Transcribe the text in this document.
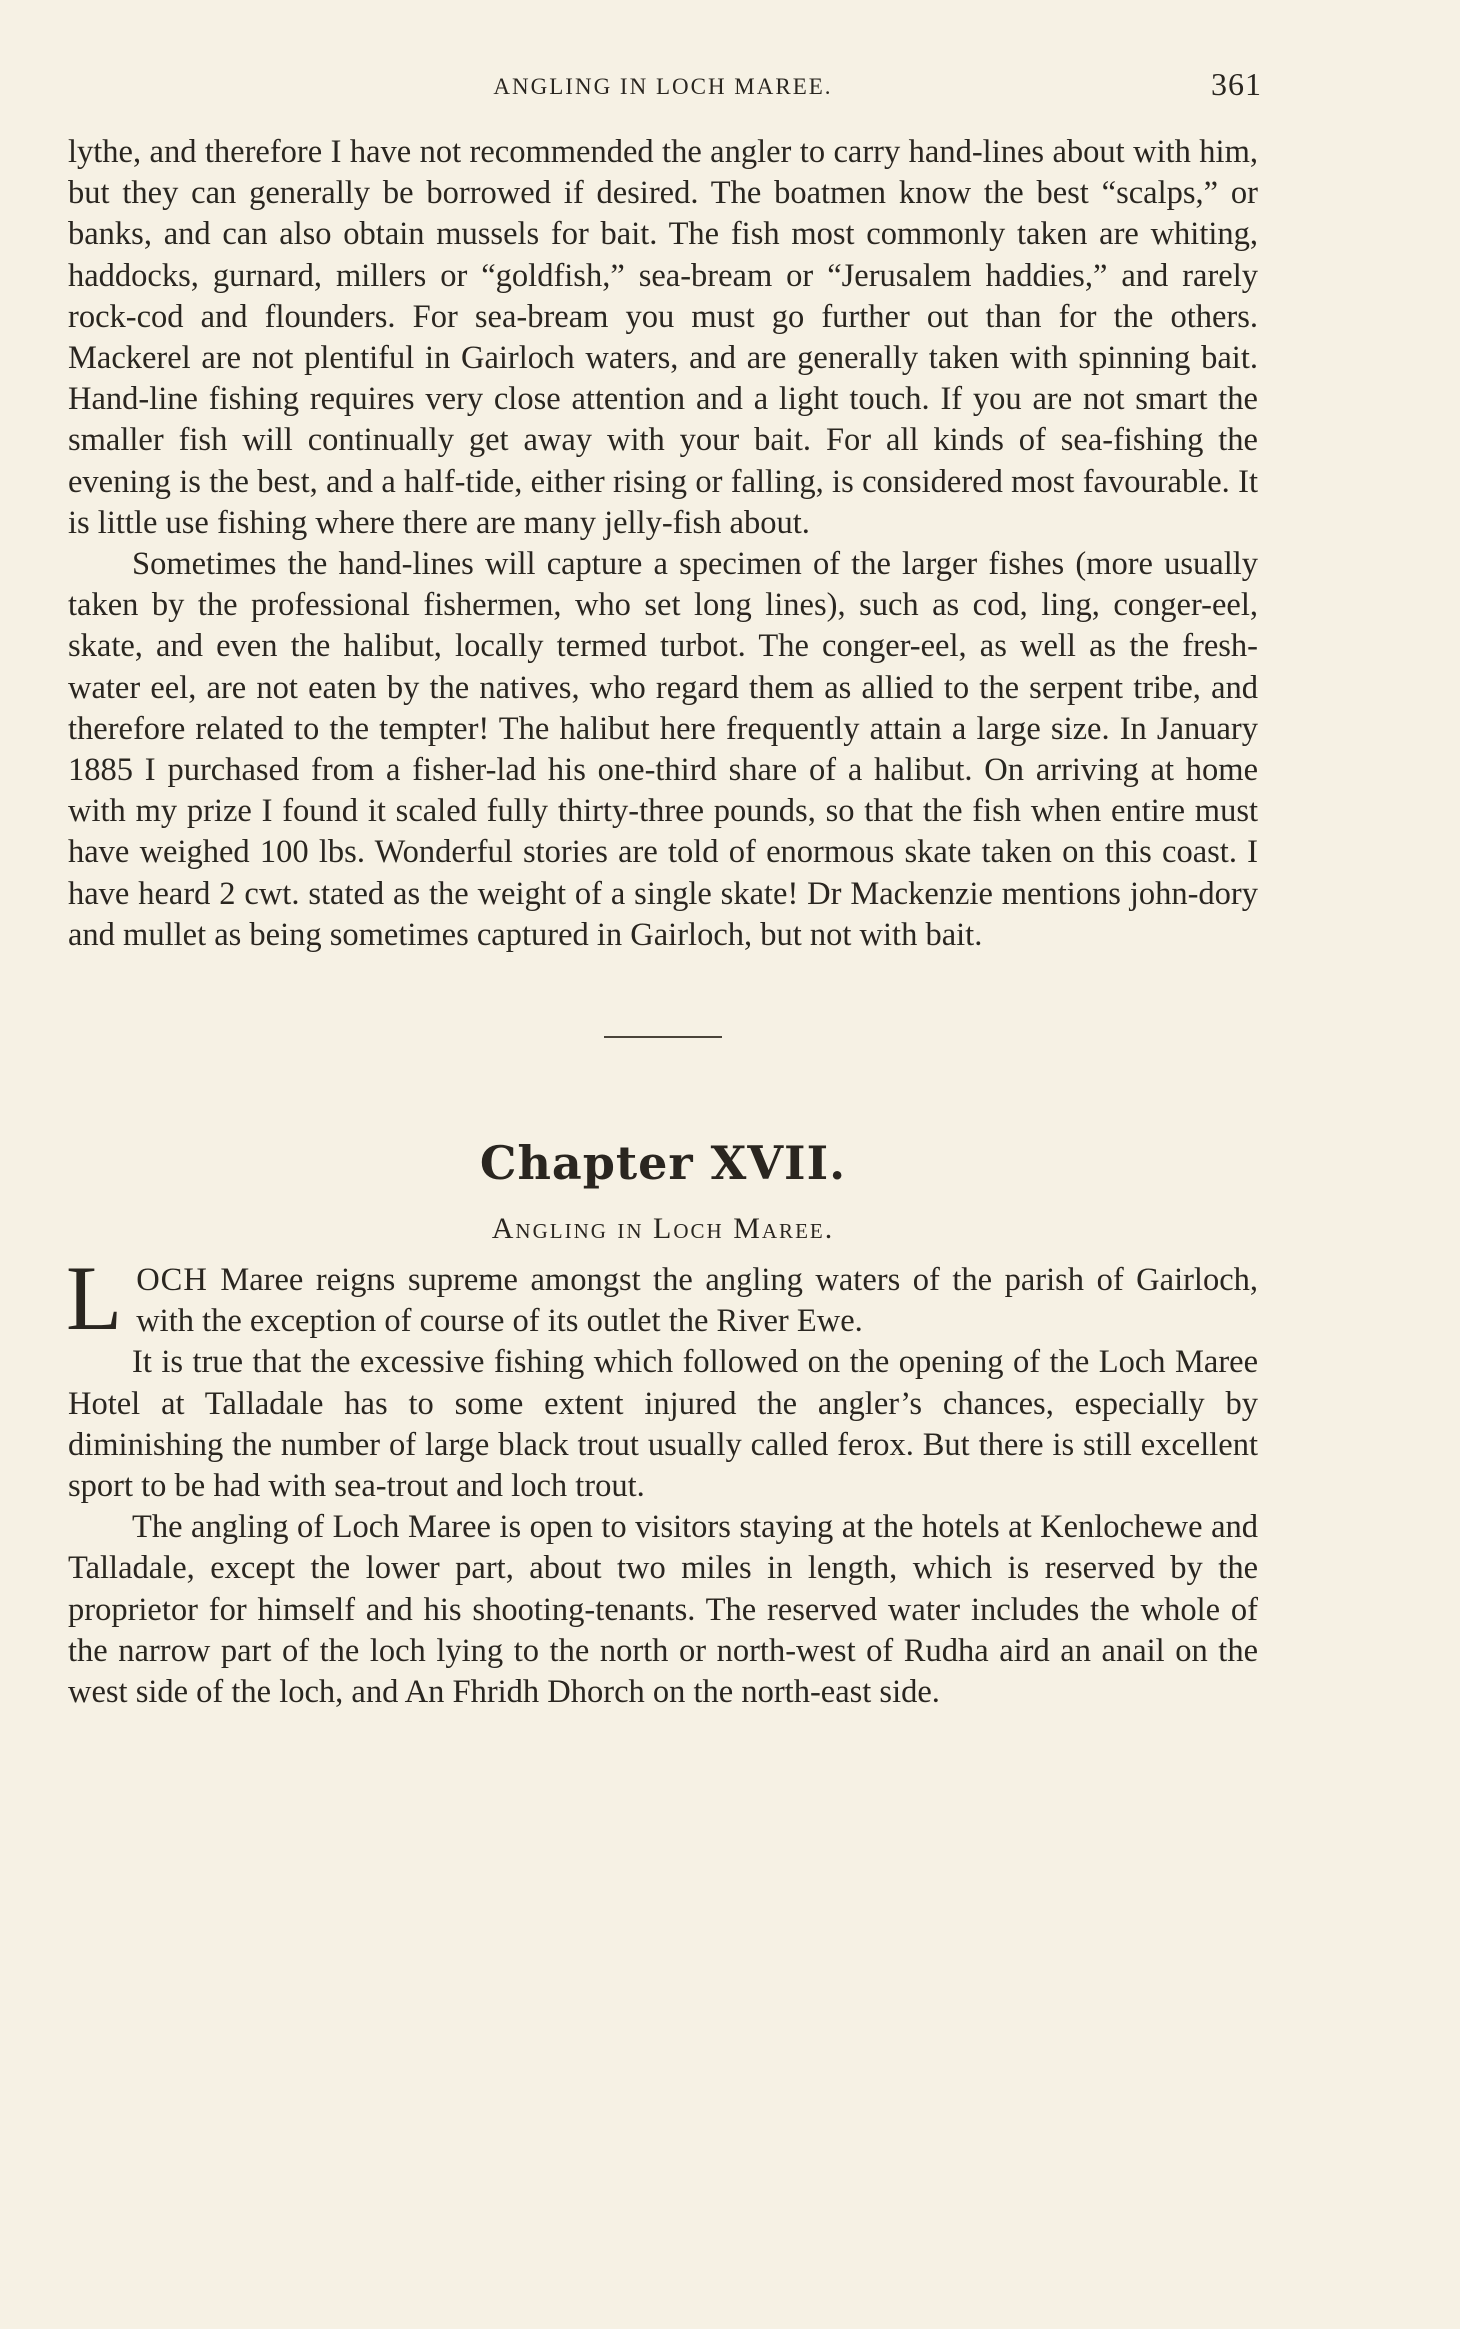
ANGLING IN LOCH MAREE.	361

lythe, and therefore I have not recommended the angler to carry hand-lines about with him, but they can generally be borrowed if desired. The boatmen know the best “scalps,” or banks, and can also obtain mussels for bait. The fish most commonly taken are whiting, haddocks, gurnard, millers or “goldfish,” sea-bream or “Jerusalem haddies,” and rarely rock-cod and flounders. For sea-bream you must go further out than for the others. Mackerel are not plentiful in Gairloch waters, and are generally taken with spinning bait. Hand-line fishing requires very close attention and a light touch. If you are not smart the smaller fish will continually get away with your bait. For all kinds of sea-fishing the evening is the best, and a half-tide, either rising or falling, is considered most favourable. It is little use fishing where there are many jelly-fish about.

Sometimes the hand-lines will capture a specimen of the larger fishes (more usually taken by the professional fishermen, who set long lines), such as cod, ling, conger-eel, skate, and even the halibut, locally termed turbot. The conger-eel, as well as the fresh-water eel, are not eaten by the natives, who regard them as allied to the serpent tribe, and therefore related to the tempter! The halibut here frequently attain a large size. In January 1885 I purchased from a fisher-lad his one-third share of a halibut. On arriving at home with my prize I found it scaled fully thirty-three pounds, so that the fish when entire must have weighed 100 lbs. Wonderful stories are told of enormous skate taken on this coast. I have heard 2 cwt. stated as the weight of a single skate! Dr Mackenzie mentions john-dory and mullet as being sometimes captured in Gairloch, but not with bait.

Chapter XVII.
Angling in Loch Maree.

LOCH Maree reigns supreme amongst the angling waters of the parish of Gairloch, with the exception of course of its outlet the River Ewe.

It is true that the excessive fishing which followed on the opening of the Loch Maree Hotel at Talladale has to some extent injured the angler’s chances, especially by diminishing the number of large black trout usually called ferox. But there is still excellent sport to be had with sea-trout and loch trout.

The angling of Loch Maree is open to visitors staying at the hotels at Kenlochewe and Talladale, except the lower part, about two miles in length, which is reserved by the proprietor for himself and his shooting-tenants. The reserved water includes the whole of the narrow part of the loch lying to the north or north-west of Rudha aird an anail on the west side of the loch, and An Fhridh Dhorch on the north-east side.
